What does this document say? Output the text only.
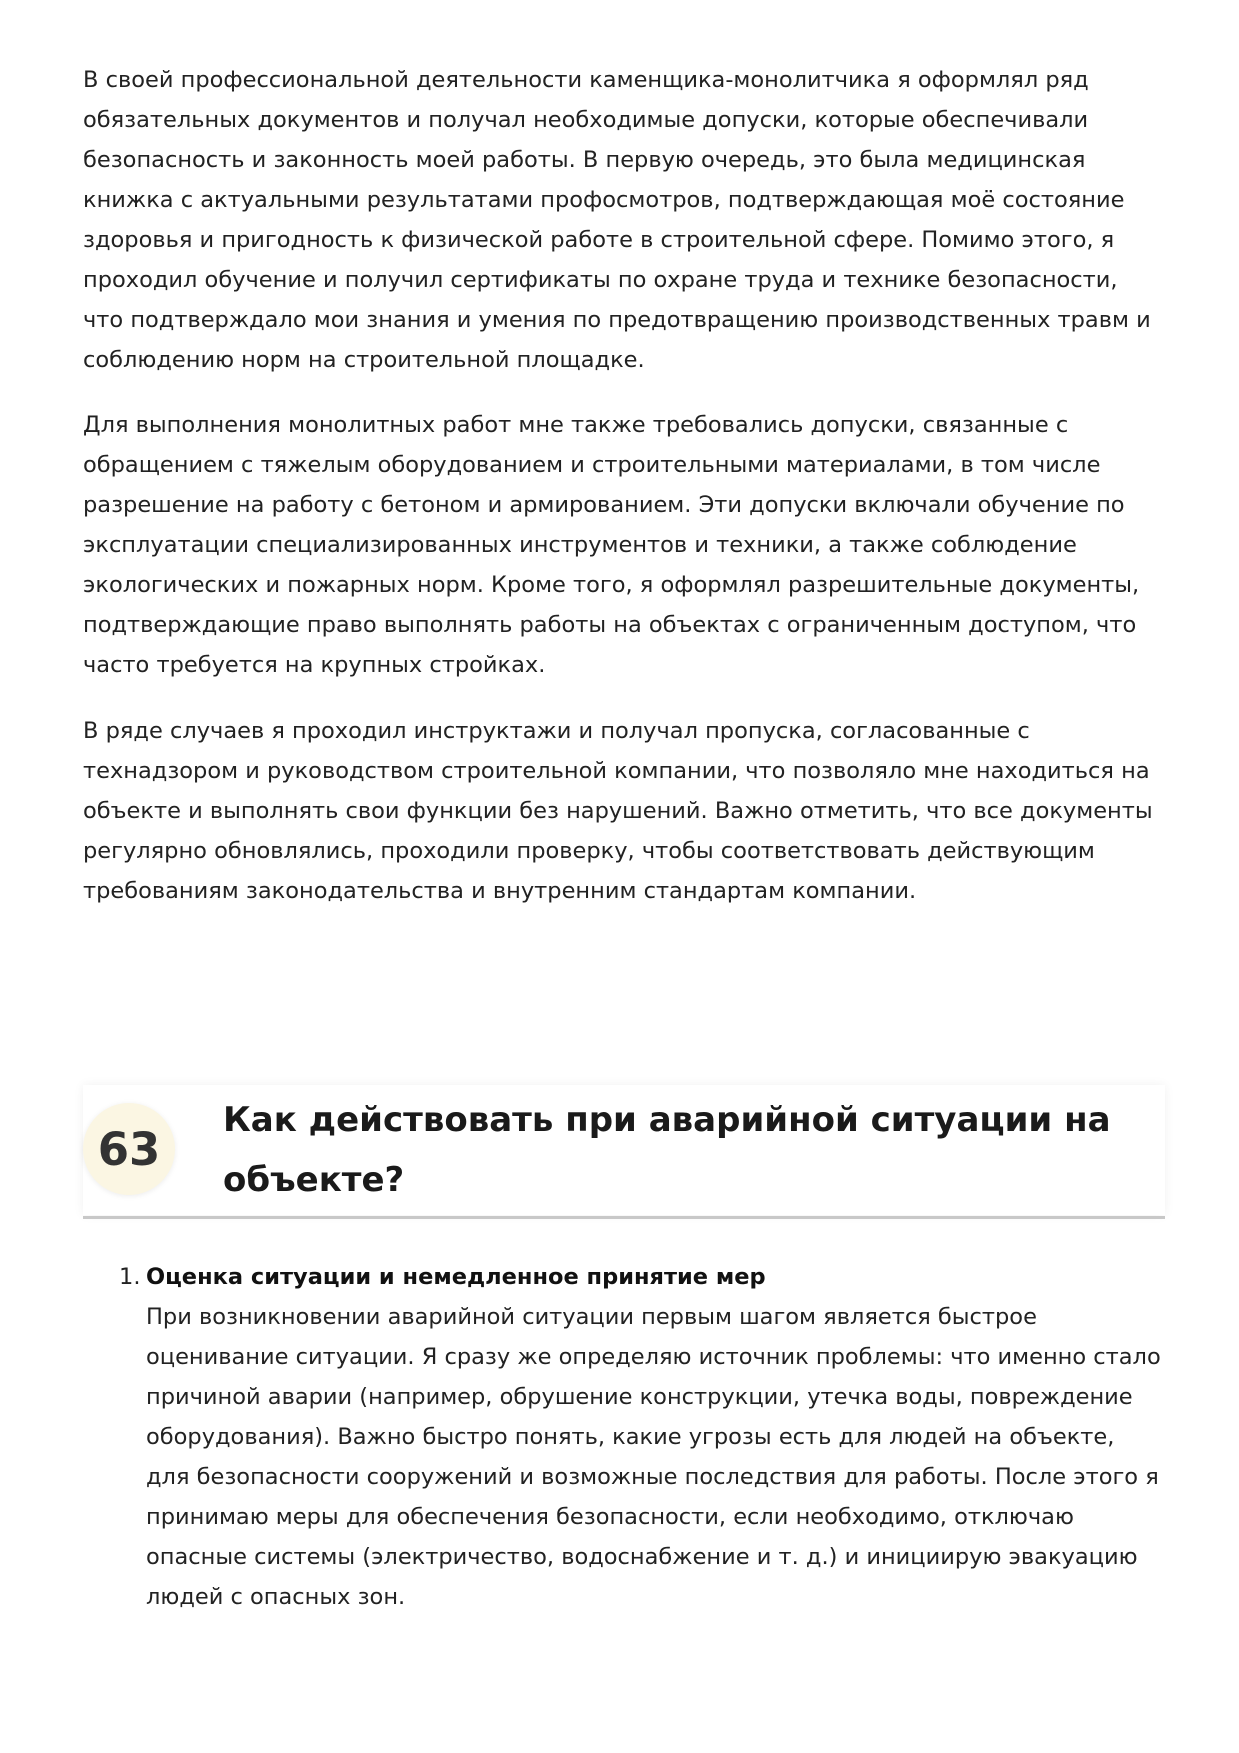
В своей профессиональной деятельности каменщика-монолитчика я оформлял ряд обязательных документов и получал необходимые допуски, которые обеспечивали безопасность и законность моей работы. В первую очередь, это была медицинская книжка с актуальными результатами профосмотров, подтверждающая моё состояние здоровья и пригодность к физической работе в строительной сфере. Помимо этого, я проходил обучение и получил сертификаты по охране труда и технике безопасности, что подтверждало мои знания и умения по предотвращению производственных травм и соблюдению норм на строительной площадке.

Для выполнения монолитных работ мне также требовались допуски, связанные с обращением с тяжелым оборудованием и строительными материалами, в том числе разрешение на работу с бетоном и армированием. Эти допуски включали обучение по эксплуатации специализированных инструментов и техники, а также соблюдение экологических и пожарных норм. Кроме того, я оформлял разрешительные документы, подтверждающие право выполнять работы на объектах с ограниченным доступом, что часто требуется на крупных стройках.

В ряде случаев я проходил инструктажи и получал пропуска, согласованные с технадзором и руководством строительной компании, что позволяло мне находиться на объекте и выполнять свои функции без нарушений. Важно отметить, что все документы регулярно обновлялись, проходили проверку, чтобы соответствовать действующим требованиям законодательства и внутренним стандартам компании.

63
Как действовать при аварийной ситуации на объекте?
1. Оценка ситуации и немедленное принятие мер
При возникновении аварийной ситуации первым шагом является быстрое оценивание ситуации. Я сразу же определяю источник проблемы: что именно стало причиной аварии (например, обрушение конструкции, утечка воды, повреждение оборудования). Важно быстро понять, какие угрозы есть для людей на объекте, для безопасности сооружений и возможные последствия для работы. После этого я принимаю меры для обеспечения безопасности, если необходимо, отключаю опасные системы (электричество, водоснабжение и т. д.) и инициирую эвакуацию людей с опасных зон.
